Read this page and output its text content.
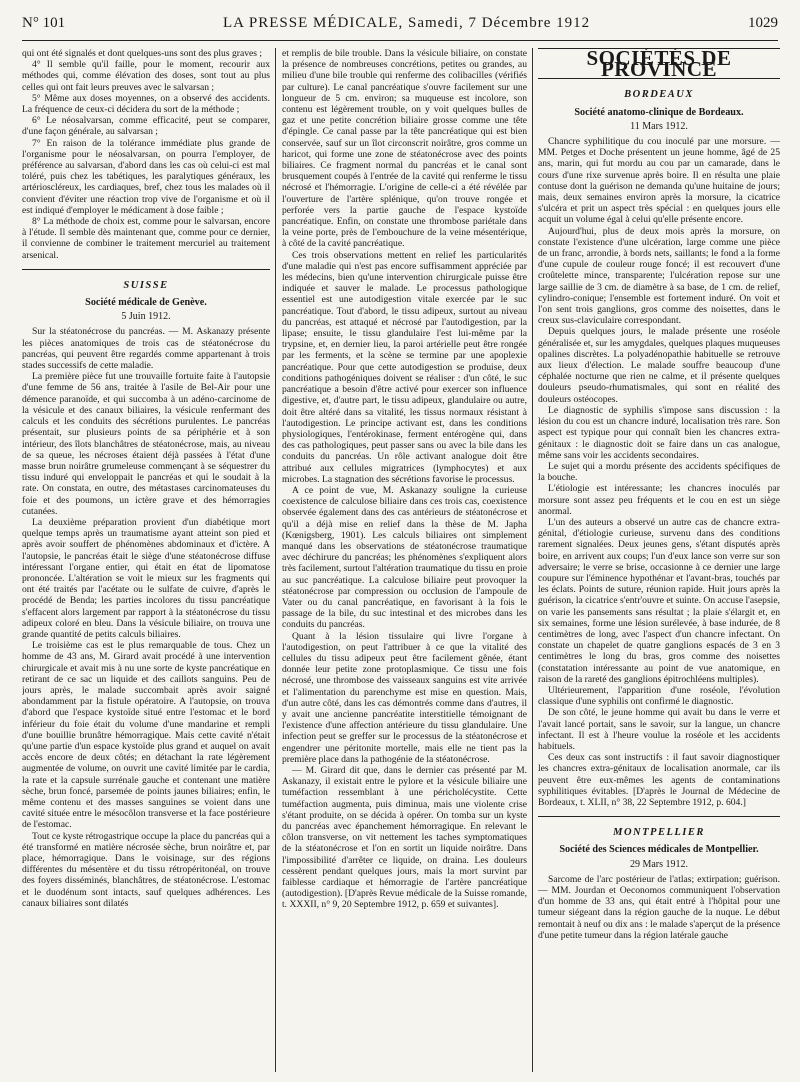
N° 101	LA PRESSE MÉDICALE, Samedi, 7 Décembre 1912	1029

qui ont été signalés et dont quelques-uns sont des plus graves ;

4° Il semble qu'il faille, pour le moment, recourir aux méthodes qui, comme élévation des doses, sont tout au plus celles qui ont fait leurs preuves avec le salvarsan ;

5° Même aux doses moyennes, on a observé des accidents. La fréquence de ceux-ci décidera du sort de la méthode ;

6° Le néosalvarsan, comme efficacité, peut se comparer, d'une façon générale, au salvarsan ;

7° En raison de la tolérance immédiate plus grande de l'organisme pour le néosalvarsan, on pourra l'employer, de préférence au salvarsan, d'abord dans les cas où celui-ci est mal toléré, puis chez les tabétiques, les paralytiques généraux, les artérioscléreux, les cardiaques, bref, chez tous les malades où il convient d'éviter une réaction trop vive de l'organisme et où il est indiqué d'employer le médicament à dose faible ;

8° La méthode de choix est, comme pour le salvarsan, encore à l'étude. Il semble dès maintenant que, comme pour ce dernier, il convienne de combiner le traitement mercuriel au traitement arsenical.

SUISSE
Société médicale de Genève.
5 Juin 1912.

Sur la stéatonécrose du pancréas. — M. Askanazy présente les pièces anatomiques de trois cas de stéatonécrose du pancréas, qui peuvent être regardés comme appartenant à trois stades successifs de cette maladie.

La première pièce fut une trouvaille fortuite faite à l'autopsie d'une femme de 56 ans, traitée à l'asile de Bel-Air pour une démence paranoïde, et qui succomba à un adéno-carcinome de la vésicule et des canaux biliaires, la vésicule renfermant des calculs et les conduits des sécrétions purulentes. Le pancréas présentait, sur plusieurs points de sa périphérie et à son intérieur, des îlots blanchâtres de stéatonécrose, mais, au niveau de sa queue, les nécroses étaient déjà passées à l'état d'une masse brun noirâtre grumeleuse commençant à se séquestrer du tissu induré qui enveloppait le pancréas et qui le soudait à la rate. On constata, en outre, des métastases carcinomateuses du foie et des poumons, un ictère grave et des hémorragies cutanées.

La deuxième préparation provient d'un diabétique mort quelque temps après un traumatisme ayant atteint son pied et après avoir souffert de phénomènes abdominaux et d'ictère. A l'autopsie, le pancréas était le siège d'une stéatonécrose diffuse intéressant l'organe entier, qui était en état de lipomatose prononcée. L'altération se voit le mieux sur les fragments qui ont été traités par l'acétate ou le sulfate de cuivre, d'après le procédé de Benda; les parties incolores du tissu pancréatique s'effacent alors largement par rapport à la stéatonécrose du tissu adipeux coloré en bleu. Dans la vésicule biliaire, on trouva une grande quantité de petits calculs biliaires.

Le troisième cas est le plus remarquable de tous. Chez un homme de 43 ans, M. Girard avait procédé à une intervention chirurgicale et avait mis à nu une sorte de kyste pancréatique en retirant de ce sac un liquide et des caillots sanguins. Peu de jours après, le malade succombait après avoir saigné abondamment par la fistule opératoire. A l'autopsie, on trouva d'abord que l'espace kystoïde situé entre l'estomac et le bord inférieur du foie était du volume d'une mandarine et rempli d'une bouillie brunâtre hémorragique. Mais cette cavité n'était qu'une partie d'un espace kystoïde plus grand et auquel on avait accès encore de deux côtés; en détachant la rate légèrement augmentée de volume, on ouvrit une cavité limitée par le cardia, la rate et la capsule surrénale gauche et contenant une matière sèche, brun foncé, parsemée de points jaunes biliaires; enfin, le même contenu et des masses sanguines se voient dans une cavité située entre le mésocôlon transverse et la face postérieure de l'estomac.

Tout ce kyste rétrogastrique occupe la place du pancréas qui a été transformé en matière nécrosée sèche, brun noirâtre et, par place, hémorragique. Dans le voisinage, sur des régions différentes du mésentère et du tissu rétropéritonéal, on trouve des foyers disséminés, blanchâtres, de stéatonécrose. L'estomac et le duodénum sont intacts, sauf quelques adhérences. Les canaux biliaires sont dilatés

et remplis de bile trouble. Dans la vésicule biliaire, on constate la présence de nombreuses concrétions, petites ou grandes, au milieu d'une bile trouble qui renferme des colibacilles (vérifiés par culture). Le canal pancréatique s'ouvre facilement sur une longueur de 5 cm. environ; sa muqueuse est incolore, son contenu est légèrement trouble, on y voit quelques bulles de gaz et une petite concrétion biliaire grosse comme une tête d'épingle. Ce canal passe par la tête pancréatique qui est bien conservée, sauf sur un îlot circonscrit noirâtre, gros comme un haricot, qui forme une zone de stéatonécrose avec des points biliaires. Ce fragment normal du pancréas et le canal sont brusquement coupés à l'entrée de la cavité qui renferme le tissu nécrosé et l'hémorragie. L'origine de celle-ci a été révélée par l'ouverture de l'artère splénique, qu'on trouve rongée et perforée vers la partie gauche de l'espace kystoïde pancréatique. Enfin, on constate une thrombose pariétale dans la veine porte, près de l'embouchure de la veine mésentérique, à côté de la cavité pancréatique.

Ces trois observations mettent en relief les particularités d'une maladie qui n'est pas encore suffisamment appréciée par les médecins, bien qu'une intervention chirurgicale puisse être indiquée et sauver le malade. Le processus pathologique essentiel est une autodigestion vitale exercée par le suc pancréatique. Tout d'abord, le tissu adipeux, surtout au niveau du pancréas, est attaqué et nécrosé par l'autodigestion, par la lipase; ensuite, le tissu glandulaire l'est lui-même par la trypsine, et, en dernier lieu, la paroi artérielle peut être rongée par les ferments, et la scène se termine par une apoplexie pancréatique. Pour que cette autodigestion se produise, deux conditions pathogéniques doivent se réaliser : d'un côté, le suc pancréatique a besoin d'être activé pour exercer son influence digestive, et, d'autre part, le tissu adipeux, glandulaire ou autre, doit être altéré dans sa vitalité, les tissus normaux résistant à l'autodigestion. Le principe activant est, dans les conditions physiologiques, l'entérokinase, ferment entérogène qui, dans des cas pathologiques, peut passer sans ou avec la bile dans les conduits du pancréas. Un rôle activant analogue doit être attribué aux cellules migratrices (lymphocytes) et aux microbes. La stagnation des sécrétions favorise le processus.

A ce point de vue, M. Askanazy souligne la curieuse coexistence de calculose biliaire dans ces trois cas, coexistence observée également dans des cas antérieurs de stéatonécrose et qu'il a déjà mise en relief dans la thèse de M. Japha (Kœnigsberg, 1901). Les calculs biliaires ont simplement manqué dans les observations de stéatonécrose traumatique avec déchirure du pancréas; les phénomènes s'expliquent alors très facilement, surtout l'altération traumatique du tissu en proie au suc pancréatique. La calculose biliaire peut provoquer la stéatonécrose par compression ou occlusion de l'ampoule de Vater ou du canal pancréatique, en favorisant à la fois le passage de la bile, du suc intestinal et des microbes dans les conduits du pancréas.

Quant à la lésion tissulaire qui livre l'organe à l'autodigestion, on peut l'attribuer à ce que la vitalité des cellules du tissu adipeux peut être facilement gênée, étant donnée leur petite zone protoplasmique. Ce tissu une fois nécrosé, une thrombose des vaisseaux sanguins est vite arrivée et l'alimentation du parenchyme est mise en question. Mais, d'un autre côté, dans les cas démontrés comme dans d'autres, il y avait une ancienne pancréatite interstitielle témoignant de l'existence d'une affection antérieure du tissu glandulaire. Une infection peut se greffer sur le processus de la stéatonécrose et engendrer une péritonite mortelle, mais elle ne tient pas la première place dans la pathogénie de la stéatonécrose.

— M. Girard dit que, dans le dernier cas présenté par M. Askanazy, il existait entre le pylore et la vésicule biliaire une tuméfaction ressemblant à une péricholécystite. Cette tuméfaction augmenta, puis diminua, mais une violente crise s'étant produite, on se décida à opérer. On tomba sur un kyste du pancréas avec épanchement hémorragique. En relevant le côlon transverse, on vit nettement les taches symptomatiques de la stéatonécrose et l'on en sortit un liquide noirâtre. Dans l'impossibilité d'arrêter ce liquide, on draina. Les douleurs cessèrent pendant quelques jours, mais la mort survint par faiblesse cardiaque et hémorragie de l'artère pancréatique (autodigestion). [D'après Revue médicale de la Suisse romande, t. XXXII, n° 9, 20 Septembre 1912, p. 659 et suivantes].

SOCIÉTÉS DE PROVINCE
BORDEAUX
Société anatomo-clinique de Bordeaux.
11 Mars 1912.

Chancre syphilitique du cou inoculé par une morsure. — MM. Petges et Doche présentent un jeune homme, âgé de 25 ans, marin, qui fut mordu au cou par un camarade, dans le cours d'une rixe survenue après boire. Il en résulta une plaie contuse dont la guérison ne demanda qu'une huitaine de jours; mais, deux semaines environ après la morsure, la cicatrice s'ulcéra et prit un aspect très spécial : en quelques jours elle acquit un volume égal à celui qu'elle présente encore.

Aujourd'hui, plus de deux mois après la morsure, on constate l'existence d'une ulcération, large comme une pièce de un franc, arrondie, à bords nets, saillants; le fond a la forme d'une cupule de couleur rouge foncé; il est recouvert d'une croûtelette mince, transparente; l'ulcération repose sur une large saillie de 3 cm. de diamètre à sa base, de 1 cm. de relief, cylindro-conique; l'ensemble est fortement induré. On voit et l'on sent trois ganglions, gros comme des noisettes, dans le creux sus-claviculaire correspondant.

Depuis quelques jours, le malade présente une roséole généralisée et, sur les amygdales, quelques plaques muqueuses opalines discrètes. La polyadénopathie habituelle se retrouve aux lieux d'élection. Le malade souffre beaucoup d'une céphalée nocturne que rien ne calme, et il présente quelques douleurs pseudo-rhumatismales, qui sont en réalité des douleurs ostéocopes.

Le diagnostic de syphilis s'impose sans discussion : la lésion du cou est un chancre induré, localisation très rare. Son aspect est typique pour qui connaît bien les chancres extra-génitaux : le diagnostic doit se faire dans un cas analogue, même sans voir les accidents secondaires.

Le sujet qui a mordu présente des accidents spécifiques de la bouche.

L'étiologie est intéressante; les chancres inoculés par morsure sont assez peu fréquents et le cou en est un siège anormal.

L'un des auteurs a observé un autre cas de chancre extra-génital, d'étiologie curieuse, survenu dans des conditions rarement signalées. Deux jeunes gens, s'étant disputés après boire, en arrivent aux coups; l'un d'eux lance son verre sur son adversaire; le verre se brise, occasionne à ce dernier une large coupure sur l'éminence hypothénar et l'avant-bras, touchés par les éclats. Points de suture, réunion rapide. Huit jours après la guérison, la cicatrice s'entr'ouvre et suinte. On accuse l'asepsie, on varie les pansements sans résultat ; la plaie s'élargit et, en six semaines, forme une lésion surélevée, à base indurée, de 8 centimètres de long, avec l'aspect d'un chancre infectant. On constate un chapelet de quatre ganglions espacés de 3 en 3 centimètres le long du bras, gros comme des noisettes (constatation intéressante au point de vue anatomique, en raison de la rareté des ganglions épitrochléens multiples).

Ultérieurement, l'apparition d'une roséole, l'évolution classique d'une syphilis ont confirmé le diagnostic.

De son côté, le jeune homme qui avait bu dans le verre et l'avait lancé portait, sans le savoir, sur la langue, un chancre infectant. Il est à l'heure voulue la roséole et les accidents habituels.

Ces deux cas sont instructifs : il faut savoir diagnostiquer les chancres extra-génitaux de localisation anormale, car ils peuvent être eux-mêmes les agents de contaminations syphilitiques évitables. [D'après le Journal de Médecine de Bordeaux, t. XLII, n° 38, 22 Septembre 1912, p. 604.]

MONTPELLIER
Société des Sciences médicales de Montpellier.
29 Mars 1912.

Sarcome de l'arc postérieur de l'atlas; extirpation; guérison. — MM. Jourdan et Oeconomos communiquent l'observation d'un homme de 33 ans, qui était entré à l'hôpital pour une tumeur siégeant dans la région gauche de la nuque. Le début remontait à neuf ou dix ans : le malade s'aperçut de la présence d'une petite tumeur dans la région latérale gauche
